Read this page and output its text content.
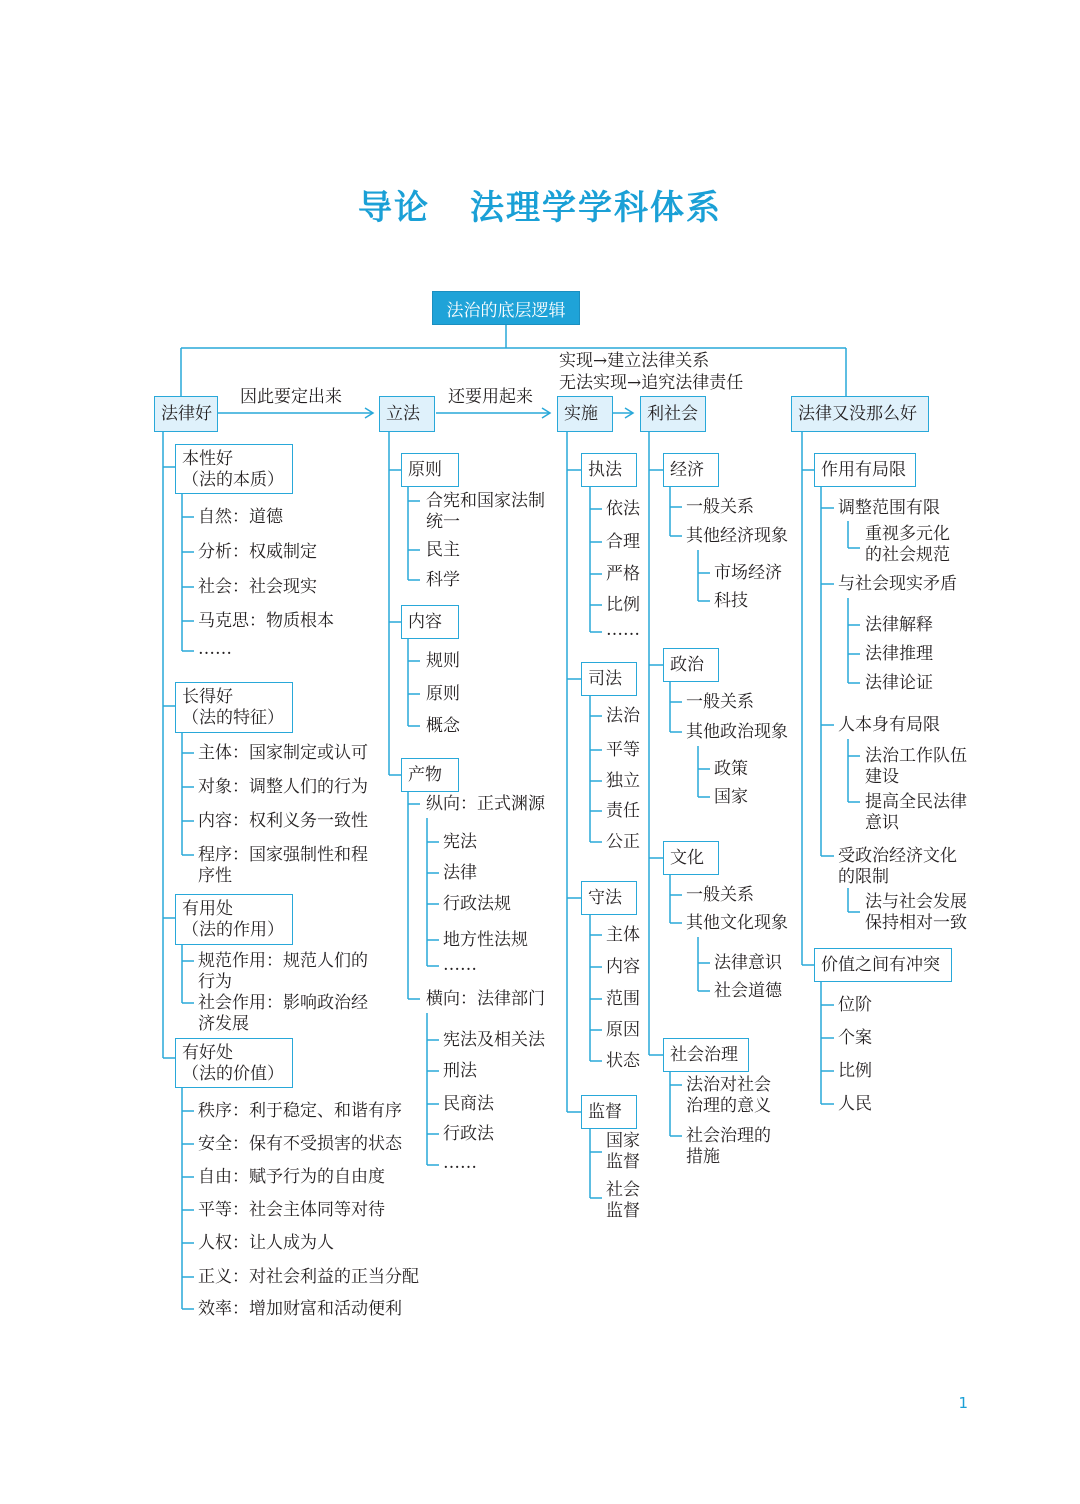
导论 法理学学科体系
法治的底层逻辑
因此要定出来	还要用起来
实现→建立法律关系
无法实现→追究法律责任
法律好	立法	实施	利社会	法律又没那么好
本性好
（法的本质）
自然：道德
分析：权威制定
社会：社会现实
马克思：物质根本
……
长得好
（法的特征）
主体：国家制定或认可
对象：调整人们的行为
内容：权利义务一致性
程序：国家强制性和程
序性
有用处
（法的作用）
规范作用：规范人们的
行为
社会作用：影响政治经
济发展
有好处
（法的价值）
秩序：利于稳定、和谐有序
安全：保有不受损害的状态
自由：赋予行为的自由度
平等：社会主体同等对待
人权：让人成为人
正义：对社会利益的正当分配
效率：增加财富和活动便利
原则
合宪和国家法制
统一
民主
科学
内容
规则
原则
概念
产物
纵向：正式渊源
宪法
法律
行政法规
地方性法规
……
横向：法律部门
宪法及相关法
刑法
民商法
行政法
……
执法
依法
合理
严格
比例
……
司法
法治
平等
独立
责任
公正
守法
主体
内容
范围
原因
状态
监督
国家
监督
社会
监督
经济
一般关系
其他经济现象
市场经济
科技
政治
一般关系
其他政治现象
政策
国家
文化
一般关系
其他文化现象
法律意识
社会道德
社会治理
法治对社会
治理的意义
社会治理的
措施
作用有局限
调整范围有限
重视多元化
的社会规范
与社会现实矛盾
法律解释
法律推理
法律论证
人本身有局限
法治工作队伍
建设
提高全民法律
意识
受政治经济文化
的限制
法与社会发展
保持相对一致
价值之间有冲突
位阶
个案
比例
人民
1
